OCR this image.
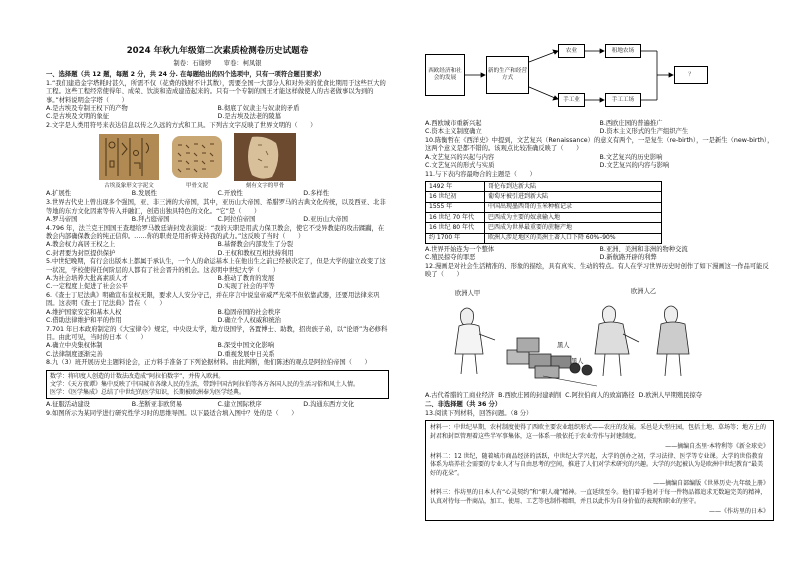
2024 年秋九年级第二次素质检测卷历史试题卷
制卷：石谢婷　　审卷：柯凤银
一、选择题（共 12 题，每题 2 分，共 24 分. 在每题给出的四个选项中，只有一项符合题目要求）
1.“我们建造金字塔耗时甚久，所需不仅（花费的钱财不计其数），需要全国一大部分人和对外来的优食比期用于这些巨大的工程。这些工程经常使得年、成荣、饮淡和造成建造起来的。只有一个专制的国王才能这样做使人的古老做事以为到的事。”材料说明金字塔（　　）
A.是古埃及专制王权下的产物	B.彻底了奴隶主与奴隶的矛盾
C.是古埃及文明的象征	D.是古埃及法老的陵墓
2.文字是人类用符号来表达信息以传之久远的方式和工具。下列古文字反映了世界文明的（　　）
古埃及象形文字泥文	甲骨文泥	刻有文字的甲骨
A.扩展性	B.发展性	C.开放性	D.多样性
3.世界古代史上曾出现多个强国，亚、非三洲的大帝国，其中，亚历山大帝国、希腊罗马的古典文化传统，以及西亚、北非等地的东方文化因素等传入并融汇，创造出独具特色的文化。“它”是（　　）
A.罗马帝国	B.拜占庭帝国	C.阿拉伯帝国	D.亚历山大帝国
4.796 年，法兰克王国国王查理给罗马教廷请封发表演说：“我的天职是用武力保卫教会，使它不受异教徒的攻击蹂躏，在教会内部确保教会的纯正信仰。……你的职责是用祈祷支持我的武力。”这反映了当时（　　）
A.教会权力高居王权之上	B.基督教会内部发生了分裂
C.封君要为封臣提供保护	D.王权和教权互相扶持利用
5.中世纪晚期，有行会出版本上都属于承认生，一个人的命运基本上在他出生之前已经被决定了，但是大学的建立改变了这一状况，学校使得任何阶层的人都有了社会晋升的机会。这表明中世纪大学（　　）
A.为社会培养大批高素质人才	B.推动了教育的发展
C.一定程度上促进了社会公平	D.实现了社会的平等
6.《查士丁尼法典》明确宣布皇权无限，要求人人安分守己，并在序言中说皇帝威严光荣不但依靠武器，还要用法律来巩固。这表明《查士丁尼法典》旨在（　　）
A.维护国家安定和基本人权	B.稳固帝国的社会秩序
C.借助法律维护和平的作用	D.确立个人权威和统治
7.701 年日本政府制定的《大宝律令》规定，中央设太学，地方设国学，各置博士、助教，招贵族子弟，以“论语”为必修科目。由此可见，当时的日本（　　）
A.确立中央集权体制	B.深受中国文化影响
C.法律制度逐渐完善	D.重视发展中日关系
8.九（3）班开展历史主题料论会，正方料手准备了下列论据材料。由此判断，他们陈述的观点是阿拉伯帝国（　　）
数学：将印度人创造的计数法改造成“阿拉伯数字”，并传入欧洲。
文学：《天方夜谭》集中反映了中国城市各缘人民的生活，带到中国古阿拉伯等各方各国人民的生活习俗和风土人情。
医学：《医学集成》总结了中世纪的医学知识，长期被欧洲奉为医学经典。
A.征服活动建设	B.垄断亚非欧贸易	C.建立国际秩序	D.沟通东西方文化
9.如图所示为某同学进行研究性学习时的思维导图。以下最适合填入图中？处的是（　　）
西欧经济和社会的发展
新的生产和经营方式
农业	租地农场
？
手工业	手工工场
A.西欧城市重新兴起	B.西欧庄园的普遍推广
C.资本主义制度确立	D.资本主义形式的生产组织产生
10.陈衡哲在《西洋史》中提到，文艺复兴（Renaissance）的意义有两个，一是复生（re-birth），一是新生（new-birth），这两个意义是都不错的。该观点比较准确反映了（　　）
A.文艺复兴的兴起与内容	B.文艺复兴的历史影响
C.文艺复兴的形式与实质	D.文艺复兴的内容与影响
11.与下表内容最吻合的主题是（　　）
1492 年	哥伦布到达新大陆
16 世纪初	葡萄牙被引进到新大陆
1555 年	中国出现墨西哥的玉米种植记录
16 世纪 70 年代	巴西成为主要的奴隶输入地
16 世纪 80 年代	巴西成为世界最重要的蔗糖产地
约 1700 年	欧洲人涉足地区的美洲土著人口下降 60%–90%
A.世界开始连为一个整体	B.亚洲、美洲和非洲的物种交流
C.殖民掠夺的罪恶	D.新航路开辟的利弊
12.漫画是对社会生活精准的、形象的描绘，具有真实、生动的特点。有人在学习世界历史时创作了如下漫画这一作品可能反映了（　　）
欧洲人甲	欧洲人乙
黑人
黑人
A.古代希腊的工商业经济 B.西欧庄园的封建剥削 C.阿拉伯商人的致富路径 D.欧洲人早期殖民掠夺
二、非选择题（共 36 分）
13.阅读下列材料，回答问题。（8 分）

材料一：中世纪早期，农村制度使得了西欧主要农业组织形式——农庄的发展。采邑是大型庄园，包括土地、草场等；地方上的封君和封臣管理着这些半军事集体，这一体系一般依托于农业劳作与封建制度。

——摘编自杰里·本特利等《新全球史》

材料二：12 世纪，随着城市商品经济的活跃，中世纪大学兴起，大学的创办之初，学习法律、医学等专业课。大学的世俗教育体系为培养社会需要的专业人才与自由思考的空间，推进了人们对学术研究的兴趣。大学的兴起被认为是欧洲中世纪教育“最美好的花朵”。

——摘编自部编版《世界历史·九年级上册》

材料三：作坊里的日本人有“心灵契约”和“职人魂”精神。一直延续至今。他们着手他对于每一件物品都追求无数遍完美的精神，认真对待每一件商品，加工、使用、工艺等也制作精细，并且以此作为自身价值的表现和职业的坚守。

——《作坊里的日本》
